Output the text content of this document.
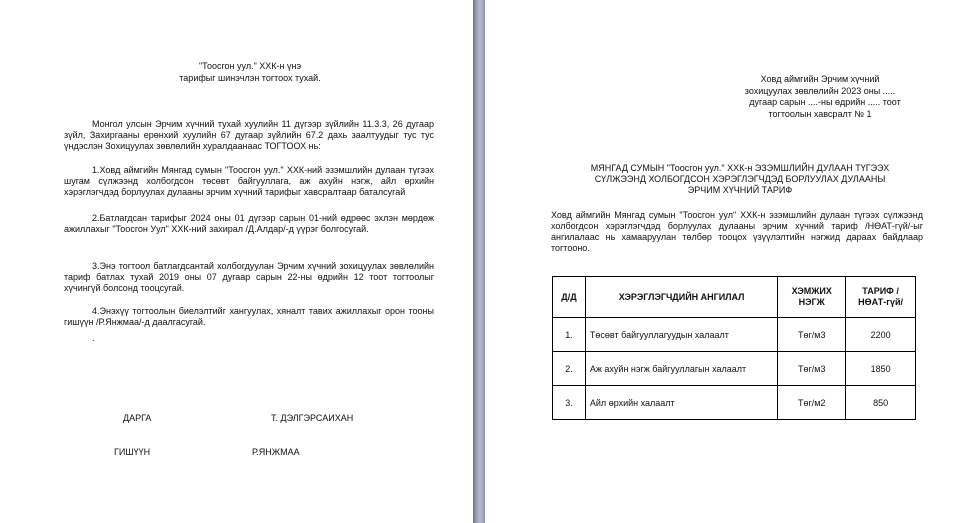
"Тоосгон уул." ХХК-н үнэ

тарифыг шинэчлэн тогтоох тухай.

Монгол улсын Эрчим хүчний тухай хуулийн 11 дүгээр зүйлийн 11.3.3, 26 дугаар зүйл, Захиргааны ерөнхий хуулийн 67 дугаар зүйлийн 67.2 дахь заалтуудыг тус тус үндэслэн Зохицуулах зөвлөлийн хуралдаанаас ТОГТООХ нь:

1.Ховд аймгийн Мянгад сумын "Тоосгон уул." ХХК-ний эзэмшлийн дулаан түгээх шугам сүлжээнд холбогдсон төсөвт байгууллага, аж ахуйн нэгж, айл өрхийн хэрэглэгчдэд борлуулах дулааны эрчим хүчний тарифыг хавсралтаар баталсугай

2.Батлагдсан тарифыг 2024 оны 01 дүгээр сарын 01-ний өдрөөс эхлэн мөрдөж ажиллахыг "Тоосгон Уул" ХХК-ний захирал /Д.Алдар/-д үүрэг болгосугай.

3.Энэ тогтоол батлагдсантай холбогдуулан Эрчим хүчний зохицуулах зөвлөлийн тариф батлах тухай 2019 оны 07 дугаар сарын 22-ны өдрийн 12 тоот тогтоолыг хүчингүй болсонд тооцсугай.

4.Энэхүү тогтоолын биелэлтийг хангуулах, хяналт тавих ажиллахыг орон тооны гишүүн /Р.Янжмаа/-д даалгасугай.

.

ДАРГА	Т. ДЭЛГЭРСАИХАН

ГИШҮҮН	Р.ЯНЖМАА

Ховд аймгийн Эрчим хүчний

зохицуулах зөвлөлийн 2023 оны .....

дугаар сарын ....-ны өдрийн ..... тоот

тогтоолын хавсралт № 1

МЯНГАД СУМЫН "Тоосгон уул." ХХК-н ЭЗЭМШЛИЙН ДУЛААН ТҮГЭЭХ

СҮЛЖЭЭНД ХОЛБОГДСОН ХЭРЭГЛЭГЧДЭД БОРЛУУЛАХ ДУЛААНЫ

ЭРЧИМ ХҮЧНИЙ ТАРИФ

Ховд аймгийн Мянгад сумын "Тоосгон уул" ХХК-н эзэмшлийн дулаан түгээх сүлжээнд холбогдсон хэрэглэгчдэд борлуулах дулааны эрчим хүчний тариф /НӨАТ-гүй/-ыг ангилалаас нь хамааруулан төлбөр тооцох үзүүлэлтийн нэгжид дараах байдлаар тогтооно.

Д/Д	ХЭРЭГЛЭГЧДИЙН АНГИЛАЛ	ХЭМЖИХ НЭГЖ	ТАРИФ /НӨАТ-гүй/
1.	Төсөвт байгууллагуудын халаалт	Төг/м3	2200
2.	Аж ахуйн нэгж байгууллагын халаалт	Төг/м3	1850
3.	Айл өрхийн халаалт	Төг/м2	850
